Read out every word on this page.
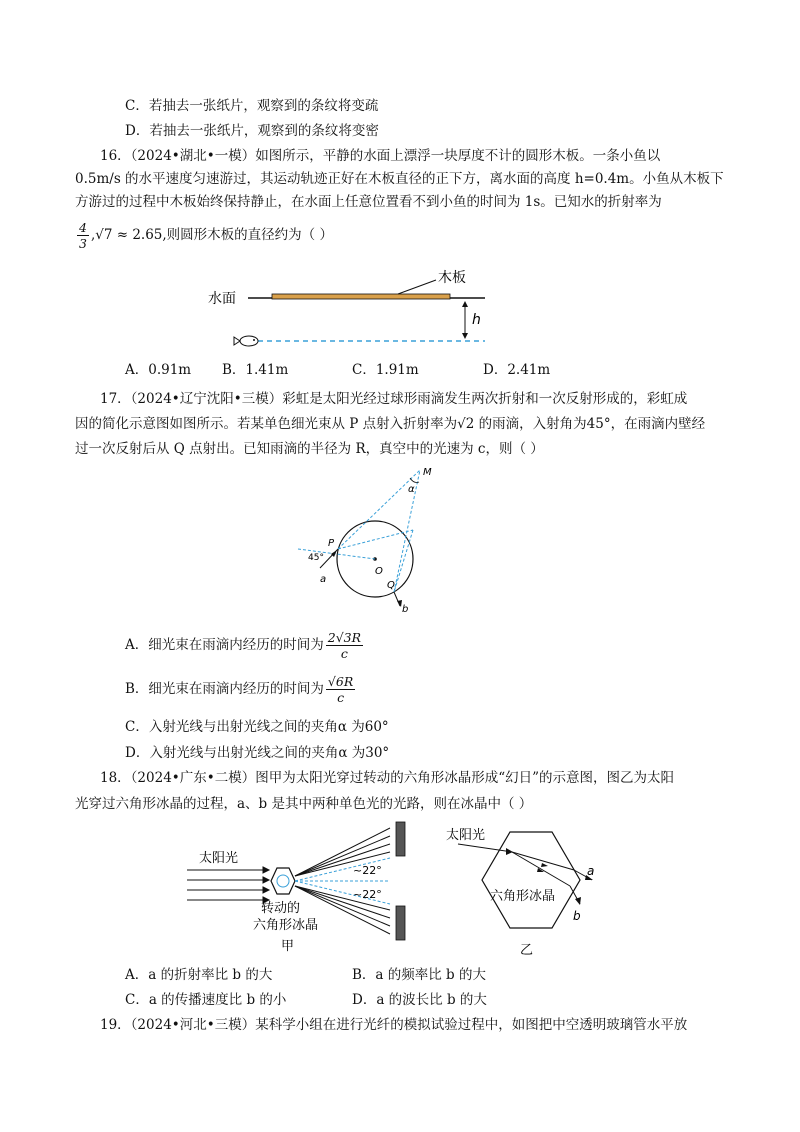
C．若抽去一张纸片，观察到的条纹将变疏
D．若抽去一张纸片，观察到的条纹将变密
16．（2024•湖北•一模）如图所示，平静的水面上漂浮一块厚度不计的圆形木板。一条小鱼以
0.5m/s 的水平速度匀速游过，其运动轨迹正好在木板直径的正下方，离水面的高度 h=0.4m。小鱼从木板下
方游过的过程中木板始终保持静止，在水面上任意位置看不到小鱼的时间为 1s。已知水的折射率为
$\frac{4}{3} ,√7 \approx 2.65$,则圆形木板的直径约为（ ）
木板
水面
h
A．0.91m B．1.41m	C．1.91m	D．2.41m
17．（2024•辽宁沈阳•三模）彩虹是太阳光经过球形雨滴发生两次折射和一次反射形成的，彩虹成
因的简化示意图如图所示。若某单色细光束从 P 点射入折射率为√2 的雨滴，入射角为45°，在雨滴内壁经
过一次反射后从 Q 点射出。已知雨滴的半径为 R，真空中的光速为 c，则（ ）
M
α
P
O
Q
45°
a
b
A．细光束在雨滴内经历的时间为 $\frac{2√3R}{c}$
B．细光束在雨滴内经历的时间为 $\frac{√6R}{c}$
C．入射光线与出射光线之间的夹角α 为60°
D．入射光线与出射光线之间的夹角α 为30°
18．（2024•广东•二模）图甲为太阳光穿过转动的六角形冰晶形成“幻日”的示意图，图乙为太阳
光穿过六角形冰晶的过程，a、b 是其中两种单色光的光路，则在冰晶中（ ）
太阳光
~22°
~22°
转动的
六角形冰晶
甲
太阳光
a
b
六角形冰晶
乙
A．a 的折射率比 b 的大	B．a 的频率比 b 的大
C．a 的传播速度比 b 的小	D．a 的波长比 b 的大
19．（2024•河北•三模）某科学小组在进行光纤的模拟试验过程中，如图把中空透明玻璃管水平放
